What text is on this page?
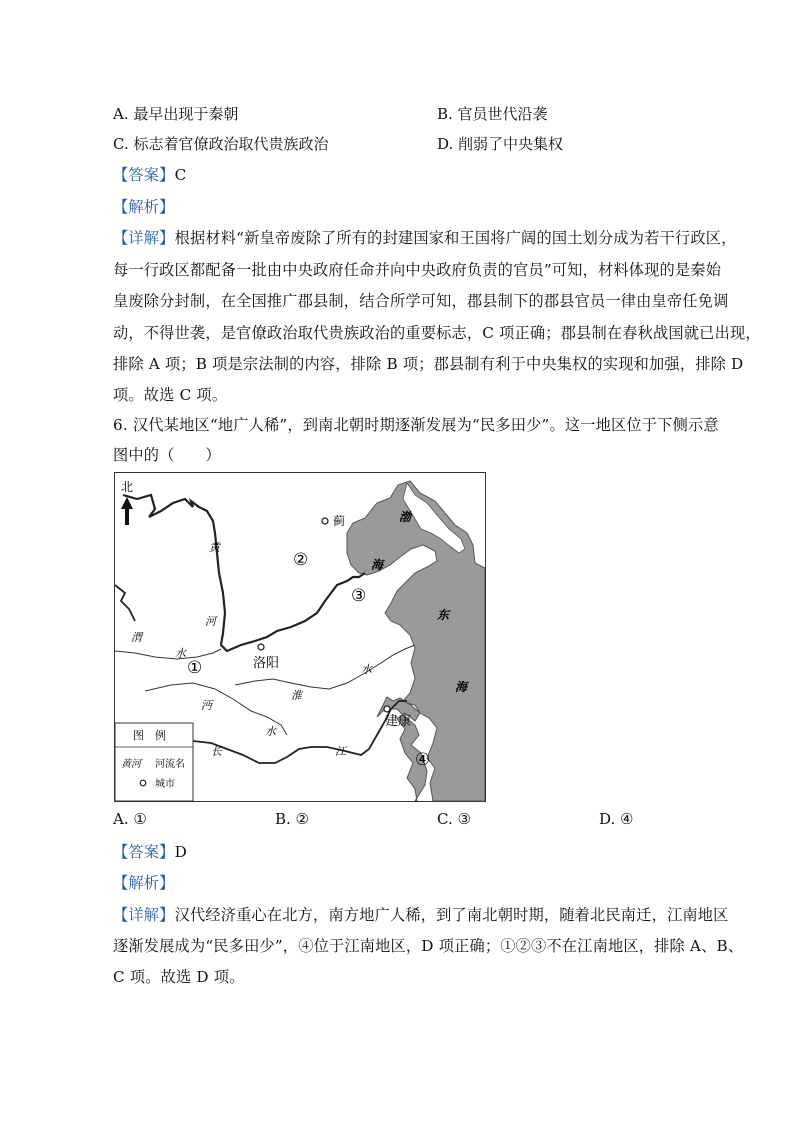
A. 最早出现于秦朝	B. 官员世代沿袭
C. 标志着官僚政治取代贵族政治	D. 削弱了中央集权
【答案】C
【解析】
【详解】根据材料“新皇帝废除了所有的封建国家和王国将广阔的国土划分成为若干行政区，
每一行政区都配备一批由中央政府任命并向中央政府负责的官员”可知，材料体现的是秦始
皇废除分封制，在全国推广郡县制，结合所学可知，郡县制下的郡县官员一律由皇帝任免调
动，不得世袭，是官僚政治取代贵族政治的重要标志，C 项正确；郡县制在春秋战国就已出现，
排除 A 项；B 项是宗法制的内容，排除 B 项；郡县制有利于中央集权的实现和加强，排除 D
项。故选 C 项。
6. 汉代某地区“地广人稀”，到南北朝时期逐渐发展为“民多田少”。这一地区位于下侧示意
图中的（　　）
北
黄
河
渭
水
淮
水
沔
水
长	江
渤
海
东
海
蓟
洛阳
建康
①
②
③
④
图　例
黄河 河流名
城市
A. ①	B. ②	C. ③	D. ④
【答案】D
【解析】
【详解】汉代经济重心在北方，南方地广人稀，到了南北朝时期，随着北民南迁，江南地区
逐渐发展成为“民多田少”，④位于江南地区，D 项正确；①②③不在江南地区，排除 A、B、
C 项。故选 D 项。
